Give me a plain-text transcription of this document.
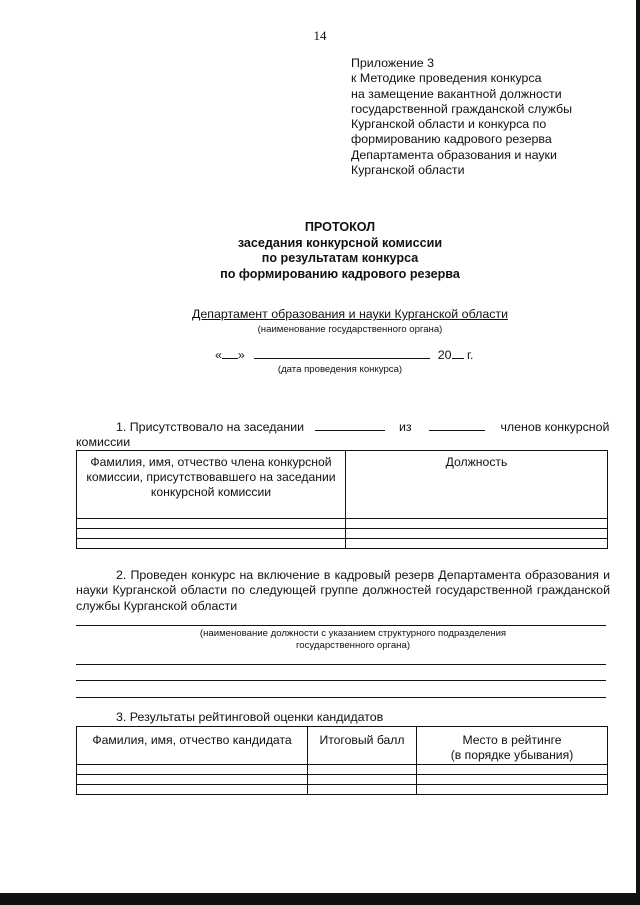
14
Приложение 3
к Методике проведения конкурса
на замещение вакантной должности
государственной гражданской службы
Курганской области и конкурса по
формированию кадрового резерва
Департамента образования и науки
Курганской области
ПРОТОКОЛ
заседания конкурсной комиссии
по результатам конкурса
по формированию кадрового резерва
Департамент образования и науки Курганской области
(наименование государственного органа)
« »	20 г.
(дата проведения конкурса)
1. Присутствовало на заседании	из	членов конкурсной
комиссии
Фамилия, имя, отчество члена конкурсной комиссии, присутствовавшего на заседании конкурсной комиссии	Должность

2. Проведен конкурс на включение в кадровый резерв Департамента образования и науки Курганской области по следующей группе должностей государственной гражданской службы Курганской области
(наименование должности с указанием структурного подразделения
государственного органа)
3. Результаты рейтинговой оценки кандидатов
Фамилия, имя, отчество кандидата	Итоговый балл	Место в рейтинге
(в порядке убывания)
